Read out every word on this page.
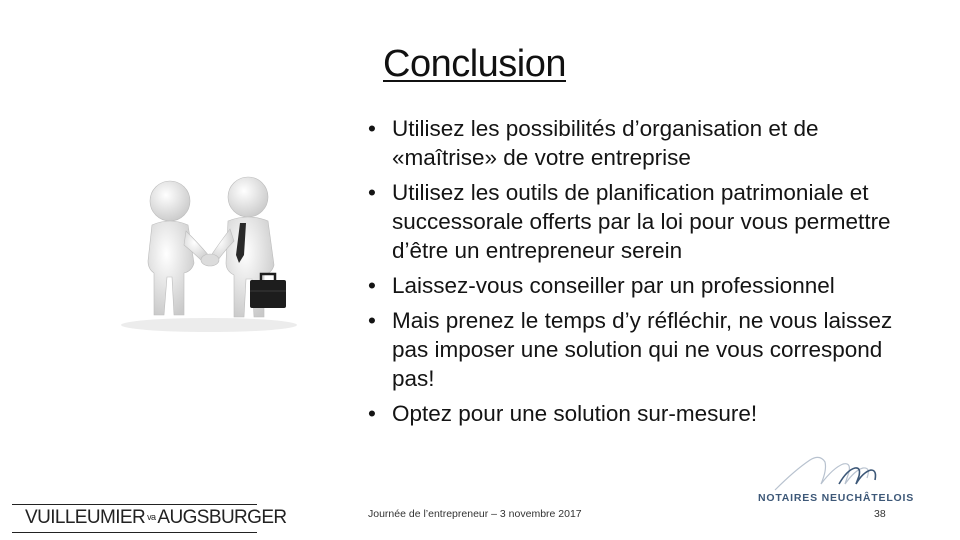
Conclusion
• Utilisez les possibilités d’organisation et de «maîtrise» de votre entreprise
• Utilisez les outils de planification patrimoniale et successorale offerts par la loi pour vous permettre d’être un entrepreneur serein
• Laissez-vous conseiller par un professionnel
• Mais prenez le temps d’y réfléchir, ne vous laissez pas imposer une solution qui ne vous correspond pas!
• Optez pour une solution sur-mesure!
NOTAIRES NEUCHÂTELOIS
Journée de l’entrepreneur – 3 novembre 2017	38
VUILLEUMIER va AUGSBURGER
